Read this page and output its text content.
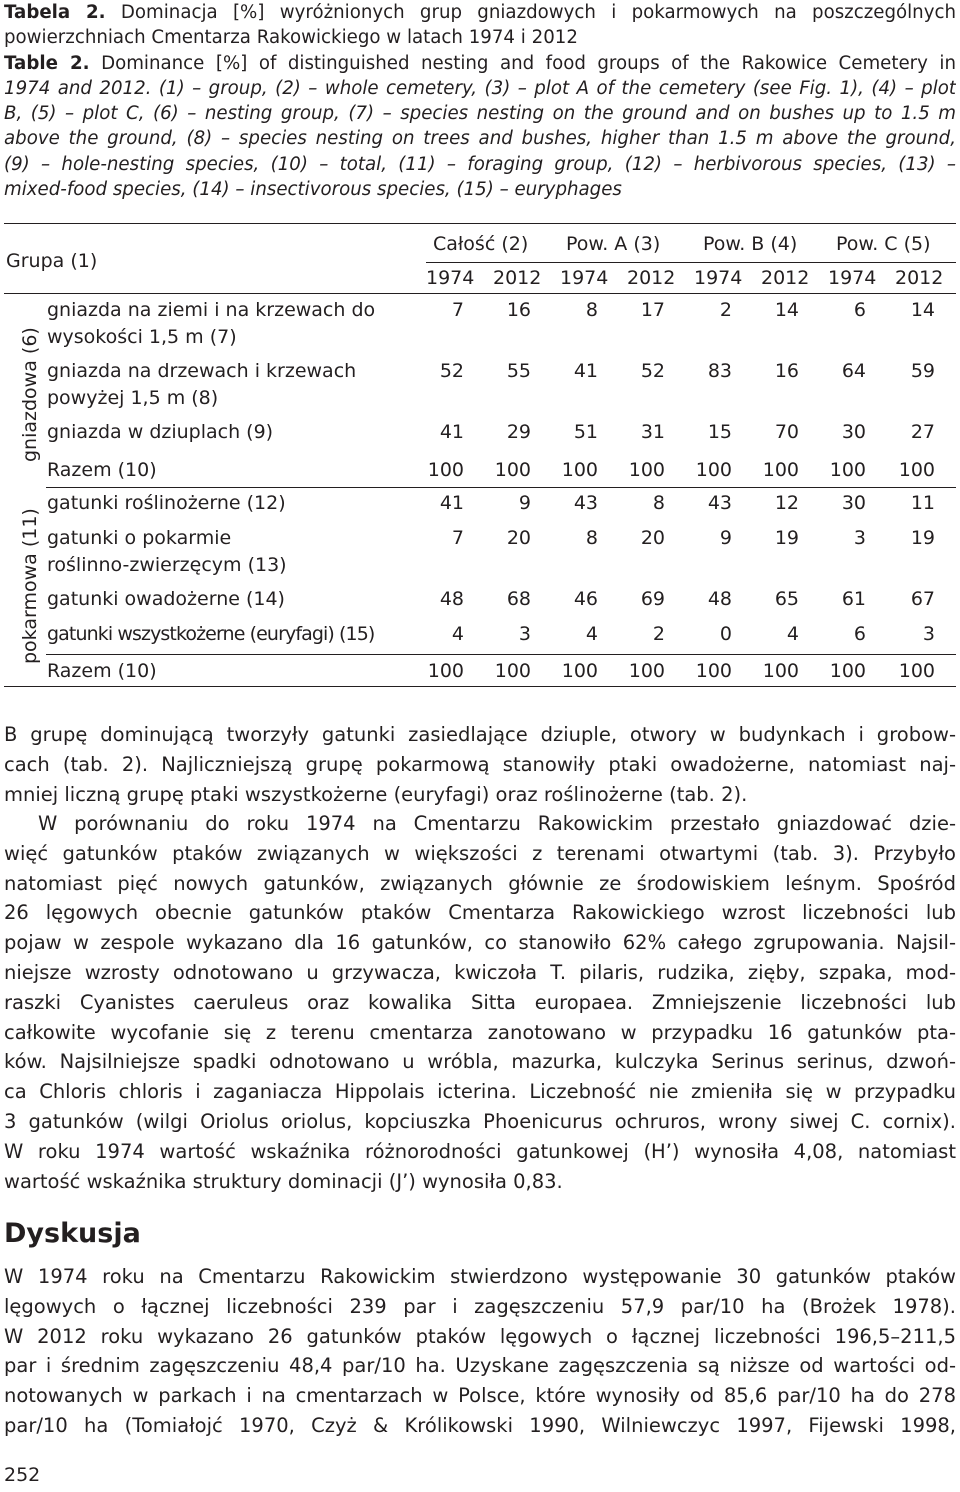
Tabela 2. Dominacja [%] wyróżnionych grup gniazdowych i pokarmowych na poszczególnych
powierzchniach Cmentarza Rakowickiego w latach 1974 i 2012
Table 2. Dominance [%] of distinguished nesting and food groups of the Rakowice Cemetery in
1974 and 2012. (1) – group, (2) – whole cemetery, (3) – plot A of the cemetery (see Fig. 1), (4) – plot
B, (5) – plot C, (6) – nesting group, (7) – species nesting on the ground and on bushes up to 1.5 m
above the ground, (8) – species nesting on trees and bushes, higher than 1.5 m above the ground,
(9) – hole-nesting species, (10) – total, (11) – foraging group, (12) – herbivorous species, (13) –
mixed-food species, (14) – insectivorous species, (15) – euryphages
Grupa (1)
Całość (2) Pow. A (3) Pow. B (4) Pow. C (5)
1974 2012 1974 2012 1974 2012 1974 2012
gniazdowa (6)
pokarmowa (11)
gniazda na ziemi i na krzewach do
wysokości 1,5 m (7)
7	16	8	17	2	14	6	14
gniazda na drzewach i krzewach
powyżej 1,5 m (8)
52	55	41	52	83	16	64	59
gniazda w dziuplach (9)	41	29	51	31	15	70	30	27
Razem (10)	100	100	100	100	100	100	100	100
gatunki roślinożerne (12)	41	9	43	8	43	12	30	11
gatunki o pokarmie
roślinno-zwierzęcym (13)
7	20	8	20	9	19	3	19
gatunki owadożerne (14)	48	68	46	69	48	65	61	67
gatunki wszystkożerne (euryfagi) (15)	4	3	4	2	0	4	6	3
Razem (10)	100	100	100	100	100	100	100	100
B grupę dominującą tworzyły gatunki zasiedlające dziuple, otwory w budynkach i grobow-
cach (tab. 2). Najliczniejszą grupę pokarmową stanowiły ptaki owadożerne, natomiast naj-
mniej liczną grupę ptaki wszystkożerne (euryfagi) oraz roślinożerne (tab. 2).
W porównaniu do roku 1974 na Cmentarzu Rakowickim przestało gniazdować dzie-
więć gatunków ptaków związanych w większości z terenami otwartymi (tab. 3). Przybyło
natomiast pięć nowych gatunków, związanych głównie ze środowiskiem leśnym. Spośród
26 lęgowych obecnie gatunków ptaków Cmentarza Rakowickiego wzrost liczebności lub
pojaw w zespole wykazano dla 16 gatunków, co stanowiło 62% całego zgrupowania. Najsil-
niejsze wzrosty odnotowano u grzywacza, kwiczoła T. pilaris, rudzika, zięby, szpaka, mod-
raszki Cyanistes caeruleus oraz kowalika Sitta europaea. Zmniejszenie liczebności lub
całkowite wycofanie się z terenu cmentarza zanotowano w przypadku 16 gatunków pta-
ków. Najsilniejsze spadki odnotowano u wróbla, mazurka, kulczyka Serinus serinus, dzwoń-
ca Chloris chloris i zaganiacza Hippolais icterina. Liczebność nie zmieniła się w przypadku
3 gatunków (wilgi Oriolus oriolus, kopciuszka Phoenicurus ochruros, wrony siwej C. cornix).
W roku 1974 wartość wskaźnika różnorodności gatunkowej (H’) wynosiła 4,08, natomiast
wartość wskaźnika struktury dominacji (J’) wynosiła 0,83.
Dyskusja
W 1974 roku na Cmentarzu Rakowickim stwierdzono występowanie 30 gatunków ptaków
lęgowych o łącznej liczebności 239 par i zagęszczeniu 57,9 par/10 ha (Brożek 1978).
W 2012 roku wykazano 26 gatunków ptaków lęgowych o łącznej liczebności 196,5–211,5
par i średnim zagęszczeniu 48,4 par/10 ha. Uzyskane zagęszczenia są niższe od wartości od-
notowanych w parkach i na cmentarzach w Polsce, które wynosiły od 85,6 par/10 ha do 278
par/10 ha (Tomiałojć 1970, Czyż & Królikowski 1990, Wilniewczyc 1997, Fijewski 1998,
252
